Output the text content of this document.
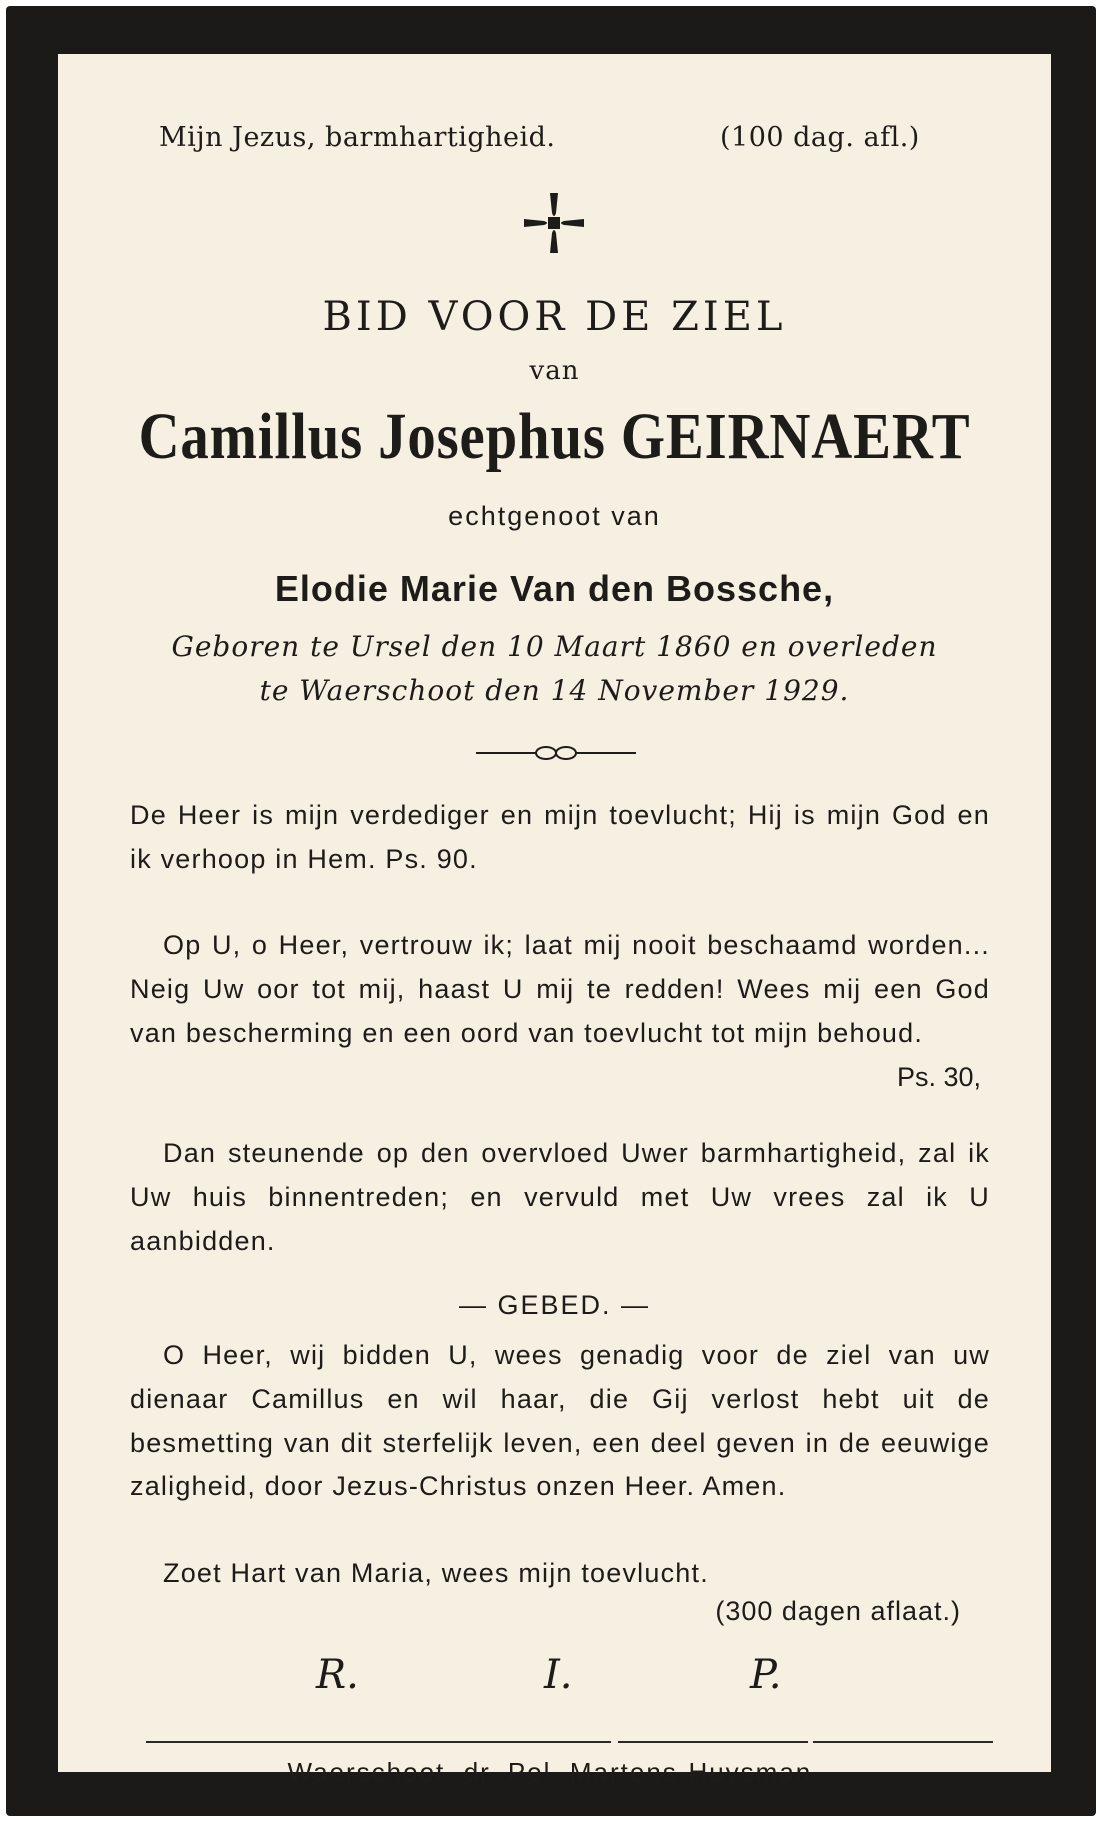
Mijn Jezus, barmhartigheid.	(100 dag. afl.)
BID VOOR DE ZIEL
van
Camillus Josephus GEIRNAERT
echtgenoot van
Elodie Marie Van den Bossche,
Geboren te Ursel den 10 Maart 1860 en overleden
te Waerschoot den 14 November 1929.
De Heer is mijn verdediger en mijn toevlucht; Hij is mijn God en ik verhoop in Hem. Ps. 90.
Op U, o Heer, vertrouw ik; laat mij nooit beschaamd worden... Neig Uw oor tot mij, haast U mij te redden! Wees mij een God van bescherming en een oord van toevlucht tot mijn behoud.
Ps. 30,
Dan steunende op den overvloed Uwer barmhartigheid, zal ik Uw huis binnentreden; en vervuld met Uw vrees zal ik U aanbidden.
— GEBED. —
O Heer, wij bidden U, wees genadig voor de ziel van uw dienaar Camillus en wil haar, die Gij verlost hebt uit de besmetting van dit sterfelijk leven, een deel geven in de eeuwige zaligheid, door Jezus-Christus onzen Heer. Amen.
Zoet Hart van Maria, wees mijn toevlucht.
(300 dagen aflaat.)
R.	I.	P.
Waerschoot, dr. Pol. Martens-Huysman.
